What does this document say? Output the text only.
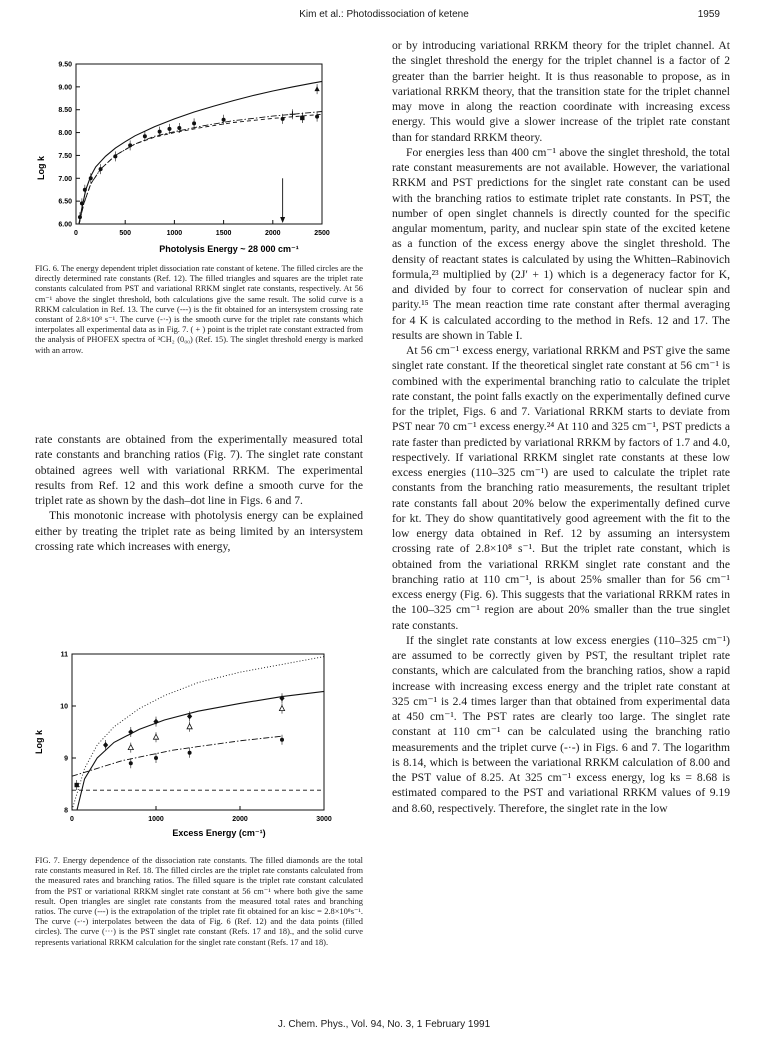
Kim et al.: Photodissociation of ketene	1959
0	500	1000	1500	2000	2500
6.00
6.50
7.00
7.50
8.00
8.50
9.00
9.50
Log k
Photolysis Energy ~ 28 000 cm⁻¹

FIG. 6. The energy dependent triplet dissociation rate constant of ketene. The filled circles are the directly determined rate constants (Ref. 12). The filled triangles and squares are the triplet rate constants calculated from PST and variational RRKM singlet rate constants, respectively. At 56 cm⁻¹ above the singlet threshold, both calculations give the same result. The solid curve is a RRKM calculation in Ref. 13. The curve (---) is the fit obtained for an intersystem crossing rate constant of 2.8×10⁸ s⁻¹. The curve (-·-) is the smooth curve for the triplet rate constants which interpolates all experimental data as in Fig. 7. ( + ) point is the triplet rate constant extracted from the analysis of PHOFEX spectra of ³CH₂ (0₀₀) (Ref. 15). The singlet threshold energy is marked with an arrow.

rate constants are obtained from the experimentally measured total rate constants and branching ratios (Fig. 7). The singlet rate constant obtained agrees well with variational RRKM. The experimental results from Ref. 12 and this work define a smooth curve for the triplet rate as shown by the dash–dot line in Figs. 6 and 7.

This monotonic increase with photolysis energy can be explained either by treating the triplet rate as being limited by an intersystem crossing rate which increases with energy,

0	1000	2000	3000
8
9
10
11
Log k
Excess Energy (cm⁻¹)

FIG. 7. Energy dependence of the dissociation rate constants. The filled diamonds are the total rate constants measured in Ref. 18. The filled circles are the triplet rate constants calculated from the measured rates and branching ratios. The filled square is the triplet rate constant calculated from the PST or variational RRKM singlet rate constant at 56 cm⁻¹ where both give the same result. Open triangles are singlet rate constants from the measured total rates and branching ratios. The curve (---) is the extrapolation of the triplet rate fit obtained for an kisc = 2.8×10⁸s⁻¹. The curve (-·-) interpolates between the data of Fig. 6 (Ref. 12) and the data points (filled circles). The curve (···) is the PST singlet rate constant (Refs. 17 and 18)., and the solid curve represents variational RRKM calculation for the singlet rate constant (Refs. 17 and 18).

or by introducing variational RRKM theory for the triplet channel. At the singlet threshold the energy for the triplet channel is a factor of 2 greater than the barrier height. It is thus reasonable to propose, as in variational RRKM theory, that the transition state for the triplet channel may move in along the reaction coordinate with increasing excess energy. This would give a slower increase of the triplet rate constant than for standard RRKM theory.

For energies less than 400 cm⁻¹ above the singlet threshold, the total rate constant measurements are not available. However, the variational RRKM and PST predictions for the singlet rate constant can be used with the branching ratios to estimate triplet rate constants. In PST, the number of open singlet channels is directly counted for the specific angular momentum, parity, and nuclear spin state of the excited ketene as a function of the excess energy above the singlet threshold. The density of reactant states is calculated by using the Whitten–Rabinovich formula,²³ multiplied by (2J′ + 1) which is a degeneracy factor for K, and divided by four to correct for conservation of nuclear spin and parity.¹⁵ The mean reaction time rate constant after thermal averaging for 4 K is calculated according to the method in Refs. 12 and 17. The results are shown in Table I.

At 56 cm⁻¹ excess energy, variational RRKM and PST give the same singlet rate constant. If the theoretical singlet rate constant at 56 cm⁻¹ is combined with the experimental branching ratio to calculate the triplet rate constant, the point falls exactly on the experimentally defined curve for the triplet, Figs. 6 and 7. Variational RRKM starts to deviate from PST near 70 cm⁻¹ excess energy.²⁴ At 110 and 325 cm⁻¹, PST predicts a rate faster than predicted by variational RRKM by factors of 1.7 and 4.0, respectively. If variational RRKM singlet rate constants at these low excess energies (110–325 cm⁻¹) are used to calculate the triplet rate constants from the branching ratio measurements, the resultant triplet rate constants fall about 20% below the experimentally defined curve for kt. They do show quantitatively good agreement with the fit to the low energy data obtained in Ref. 12 by assuming an intersystem crossing rate of 2.8×10⁸ s⁻¹. But the triplet rate constant, which is obtained from the variational RRKM singlet rate constant and the branching ratio at 110 cm⁻¹, is about 25% smaller than for 56 cm⁻¹ excess energy (Fig. 6). This suggests that the variational RRKM rates in the 100–325 cm⁻¹ region are about 20% smaller than the true singlet rate constants.

If the singlet rate constants at low excess energies (110–325 cm⁻¹) are assumed to be correctly given by PST, the resultant triplet rate constants, which are calculated from the branching ratios, show a rapid increase with increasing excess energy and the triplet rate constant at 325 cm⁻¹ is 2.4 times larger than that obtained from experimental data at 450 cm⁻¹. The PST rates are clearly too large. The singlet rate constant at 110 cm⁻¹ can be calculated using the branching ratio measurements and the triplet curve (-·-) in Figs. 6 and 7. The logarithm is 8.14, which is between the variational RRKM calculation of 8.00 and the PST value of 8.25. At 325 cm⁻¹ excess energy, log ks = 8.68 is estimated compared to the PST and variational RRKM values of 9.19 and 8.60, respectively. Therefore, the singlet rate in the low

J. Chem. Phys., Vol. 94, No. 3, 1 February 1991
